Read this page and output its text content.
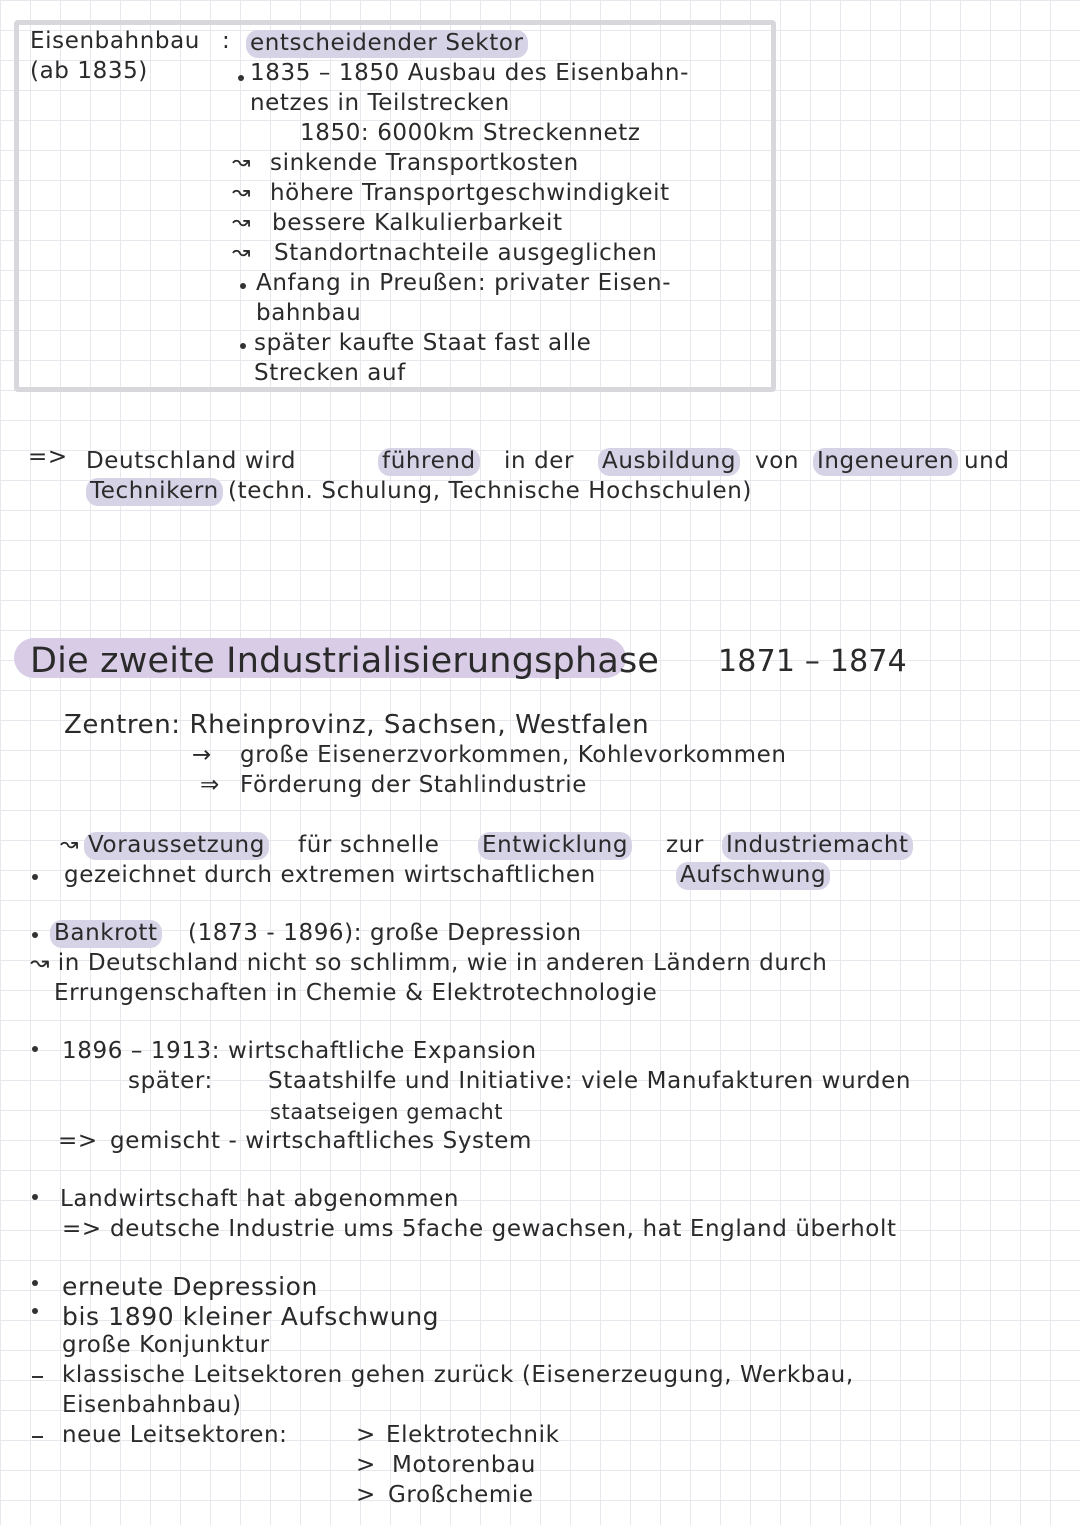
Eisenbahnbau
(ab 1835)
: entscheidender Sektor
1835 – 1850 Ausbau des Eisenbahn-
netzes in Teilstrecken
1850: 6000km Streckennetz
↝ sinkende Transportkosten
↝ höhere Transportgeschwindigkeit
↝ bessere Kalkulierbarkeit
↝ Standortnachteile ausgeglichen
Anfang in Preußen: privater Eisen-
bahnbau
später kaufte Staat fast alle
Strecken auf
=> Deutschland wird	führend in der Ausbildung von Ingeneuren und
Technikern (techn. Schulung, Technische Hochschulen)
Die zweite Industrialisierungsphase 1871 – 1874
Zentren: Rheinprovinz, Sachsen, Westfalen
→ große Eisenerzvorkommen, Kohlevorkommen
⇒ Förderung der Stahlindustrie
↝ Voraussetzung für schnelle Entwicklung zur Industriemacht
gezeichnet durch extremen wirtschaftlichen	Aufschwung
Bankrott (1873 - 1896): große Depression
↝ in Deutschland nicht so schlimm, wie in anderen Ländern durch
Errungenschaften in Chemie & Elektrotechnologie
1896 – 1913: wirtschaftliche Expansion
später: Staatshilfe und Initiative: viele Manufakturen wurden
staatseigen gemacht
=> gemischt - wirtschaftliches System
Landwirtschaft hat abgenommen
=> deutsche Industrie ums 5fache gewachsen, hat England überholt
erneute Depression
bis 1890 kleiner Aufschwung
große Konjunktur
klassische Leitsektoren gehen zurück (Eisenerzeugung, Werkbau,
Eisenbahnbau)
neue Leitsektoren:	> Elektrotechnik
> Motorenbau
> Großchemie
